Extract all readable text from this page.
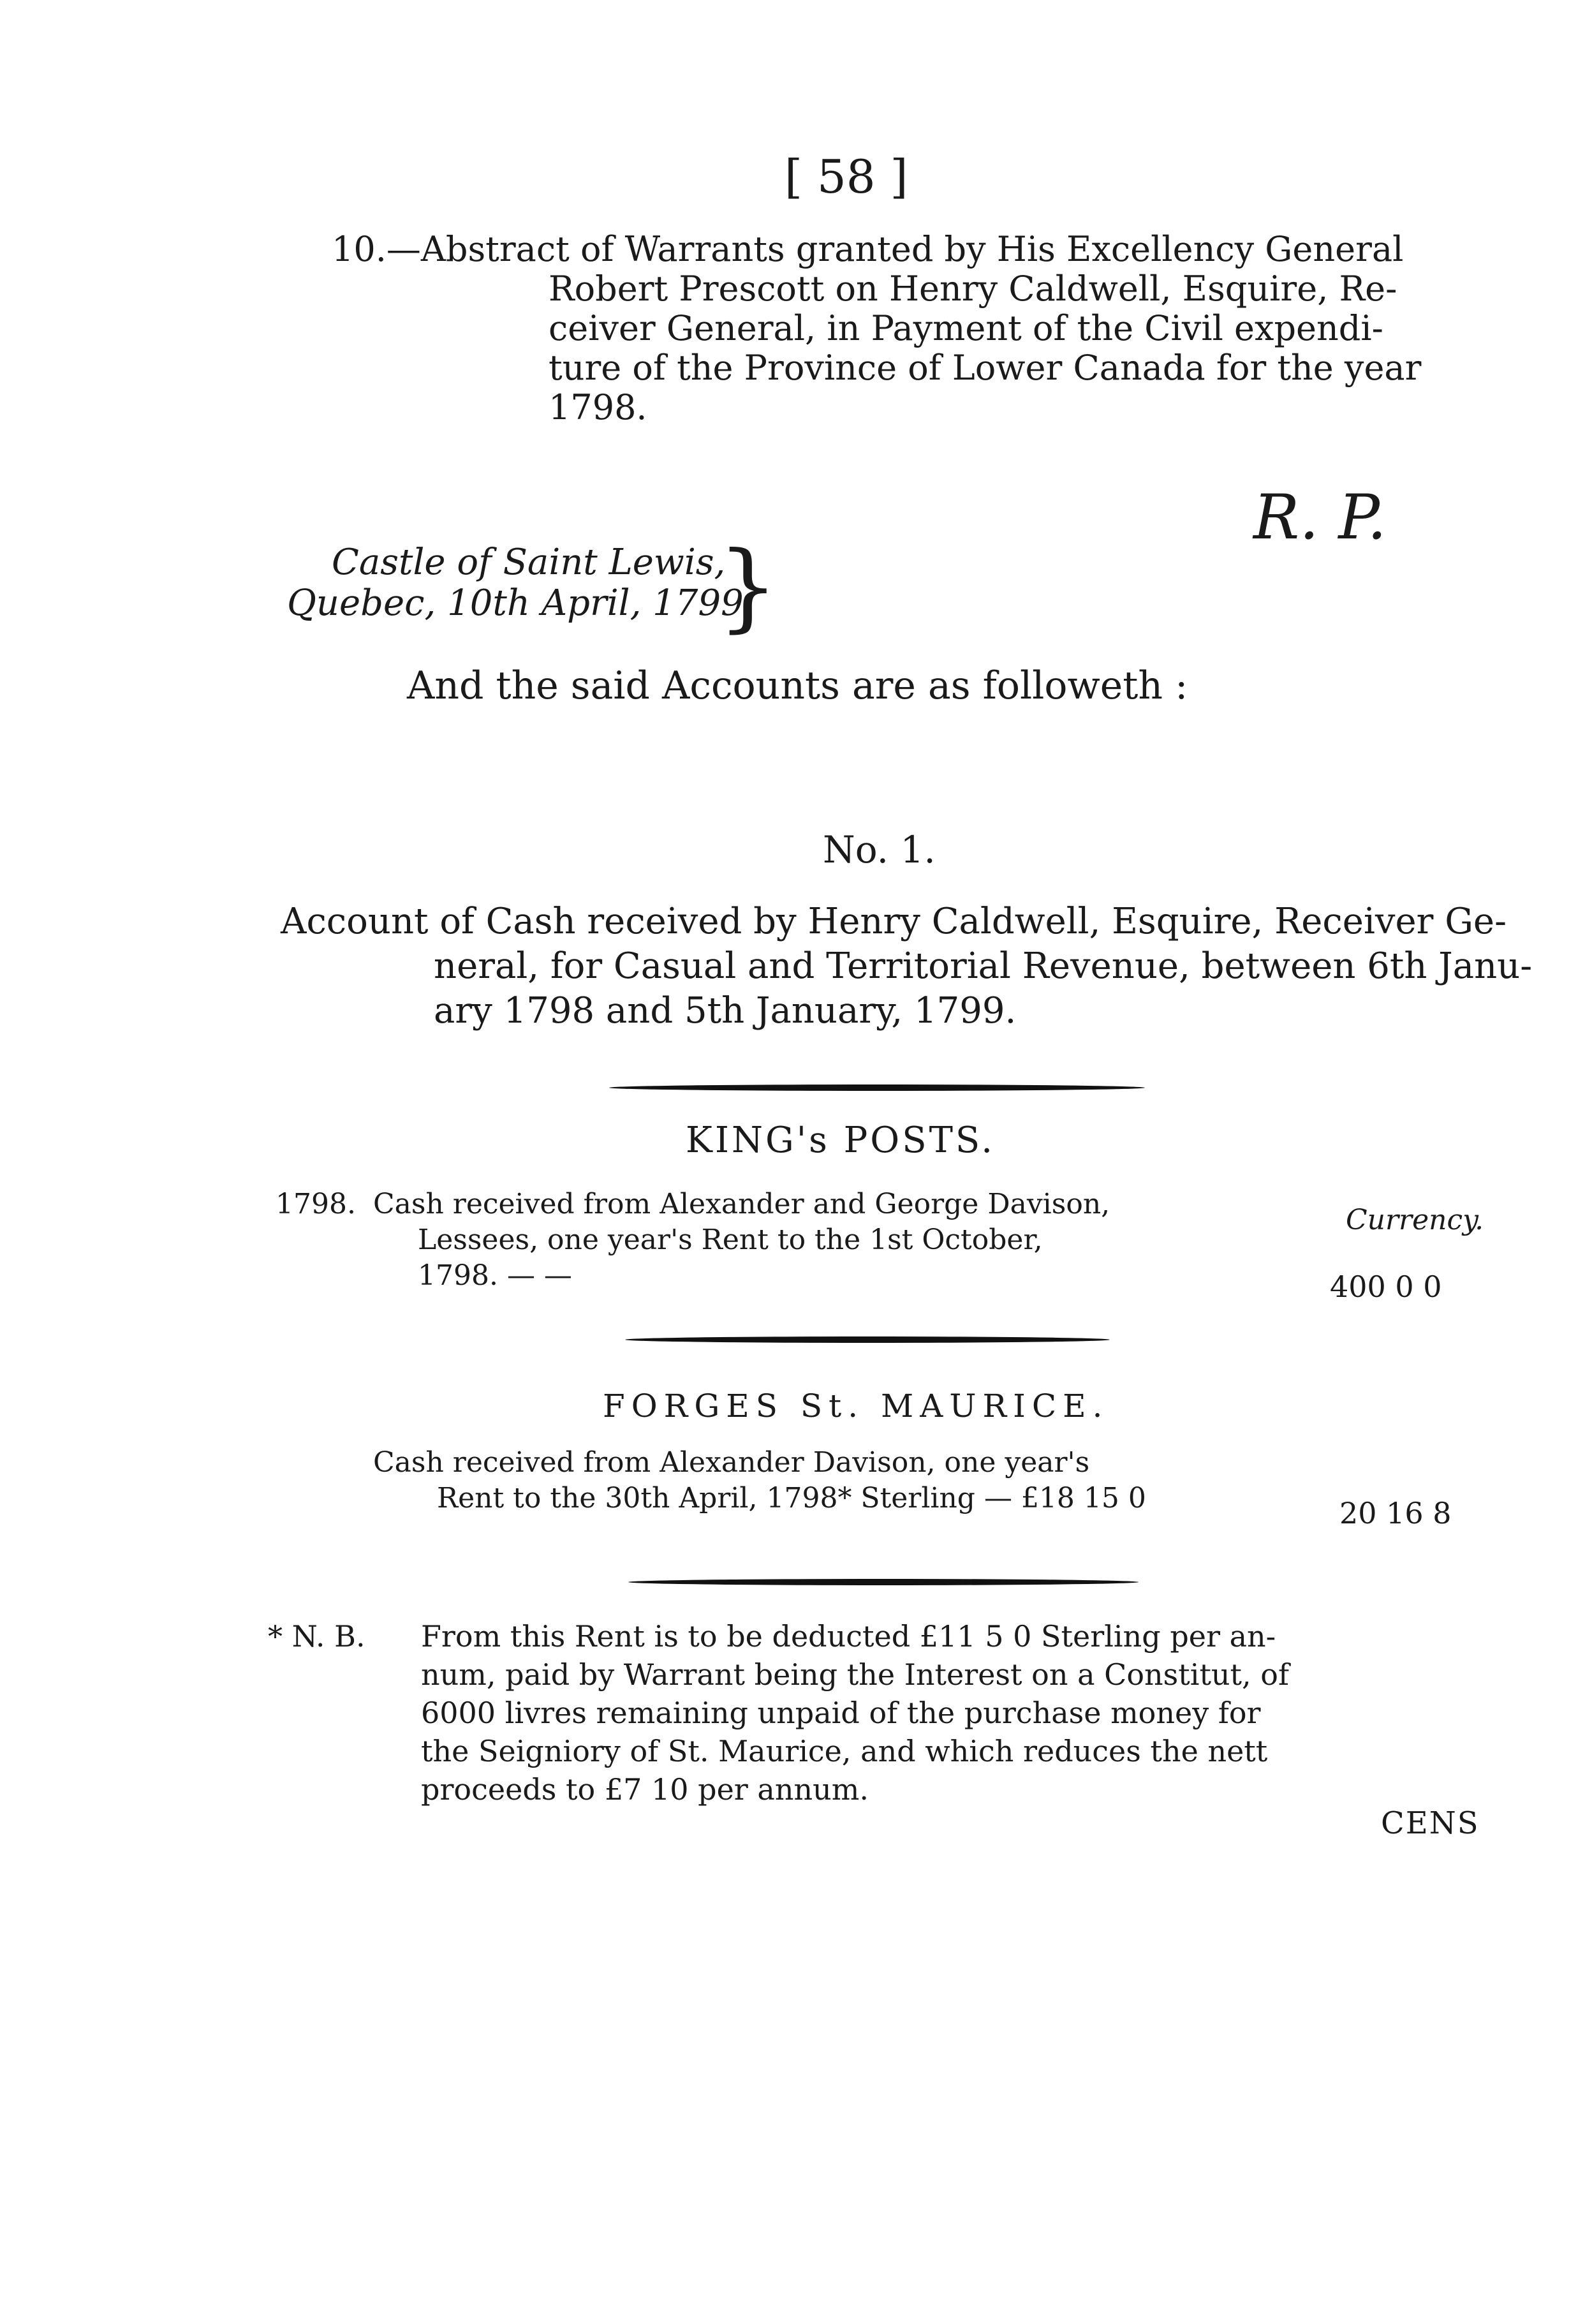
[ 58 ]
10.—Abstract of Warrants granted by His Excellency General
Robert Prescott on Henry Caldwell, Esquire, Re-
ceiver General, in Payment of the Civil expendi-
ture of the Province of Lower Canada for the year
1798.
R. P.
Castle of Saint Lewis,
Quebec, 10th April, 1799.
}
And the said Accounts are as followeth :
No. 1.
Account of Cash received by Henry Caldwell, Esquire, Receiver Ge-
neral, for Casual and Territorial Revenue, between 6th Janu-
ary 1798 and 5th January, 1799.
KING's POSTS.
1798. Cash received from Alexander and George Davison,
Lessees, one year's Rent to the 1st October,
1798. — —
Currency.
400 0 0
FORGES St. MAURICE.
Cash received from Alexander Davison, one year's
Rent to the 30th April, 1798* Sterling — £18 15 0	20 16 8
* N. B. From this Rent is to be deducted £11 5 0 Sterling per an-
num, paid by Warrant being the Interest on a Constitut, of
6000 livres remaining unpaid of the purchase money for
the Seigniory of St. Maurice, and which reduces the nett
proceeds to £7 10 per annum.
CENS
